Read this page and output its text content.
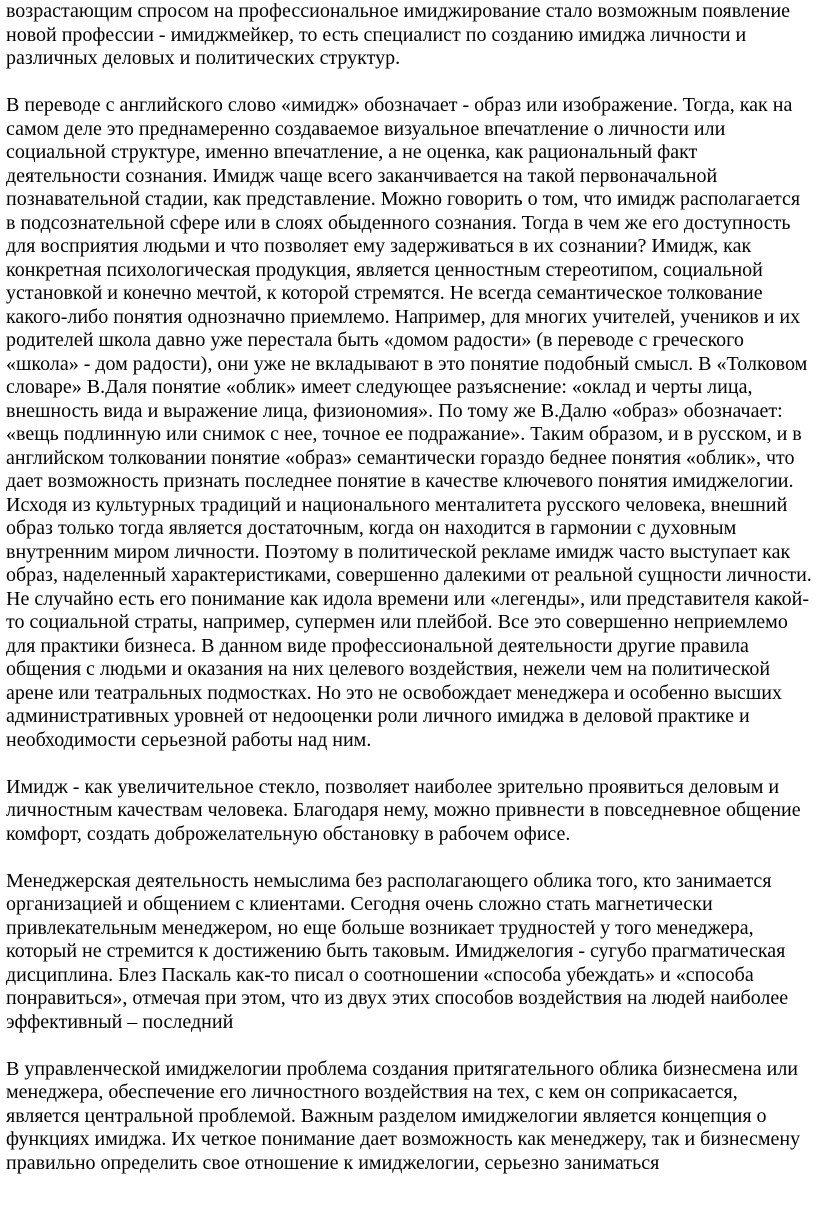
возрастающим спросом на профессиональное имиджирование стало возможным появление новой профессии - имиджмейкер, то есть специалист по созданию имиджа личности и различных деловых и политических структур.

В переводе с английского слово «имидж» обозначает - образ или изображение. Тогда, как на самом деле это преднамеренно создаваемое визуальное впечатление о личности или социальной структуре, именно впечатление, а не оценка, как рациональный факт деятельности сознания. Имидж чаще всего заканчивается на такой первоначальной познавательной стадии, как представление. Можно говорить о том, что имидж располагается в подсознательной сфере или в слоях обыденного сознания. Тогда в чем же его доступность для восприятия людьми и что позволяет ему задерживаться в их сознании? Имидж, как конкретная психологическая продукция, является ценностным стереотипом, социальной установкой и конечно мечтой, к которой стремятся. Не всегда семантическое толкование какого-либо понятия однозначно приемлемо. Например, для многих учителей, учеников и их родителей школа давно уже перестала быть «домом радости» (в переводе с греческого «школа» - дом радости), они уже не вкладывают в это понятие подобный смысл. В «Толковом словаре» В.Даля понятие «облик» имеет следующее разъяснение: «оклад и черты лица, внешность вида и выражение лица, физиономия». По тому же В.Далю «образ» обозначает: «вещь подлинную или снимок с нее, точное ее подражание». Таким образом, и в русском, и в английском толковании понятие «образ» семантически гораздо беднее понятия «облик», что дает возможность признать последнее понятие в качестве ключевого понятия имиджелогии. Исходя из культурных традиций и национального менталитета русского человека, внешний образ только тогда является достаточным, когда он находится в гармонии с духовным внутренним миром личности. Поэтому в политической рекламе имидж часто выступает как образ, наделенный характеристиками, совершенно далекими от реальной сущности личности. Не случайно есть его понимание как идола времени или «легенды», или представителя какой-то социальной страты, например, супермен или плейбой. Все это совершенно неприемлемо для практики бизнеса. В данном виде профессиональной деятельности другие правила общения с людьми и оказания на них целевого воздействия, нежели чем на политической арене или театральных подмостках. Но это не освобождает менеджера и особенно высших административных уровней от недооценки роли личного имиджа в деловой практике и необходимости серьезной работы над ним.

Имидж - как увеличительное стекло, позволяет наиболее зрительно проявиться деловым и личностным качествам человека. Благодаря нему, можно привнести в повседневное общение комфорт, создать доброжелательную обстановку в рабочем офисе.

Менеджерская деятельность немыслима без располагающего облика того, кто занимается организацией и общением с клиентами. Сегодня очень сложно стать магнетически привлекательным менеджером, но еще больше возникает трудностей у того менеджера, который не стремится к достижению быть таковым. Имиджелогия - сугубо прагматическая дисциплина. Блез Паскаль как-то писал о соотношении «способа убеждать» и «способа понравиться», отмечая при этом, что из двух этих способов воздействия на людей наиболее эффективный – последний

В управленческой имиджелогии проблема создания притягательного облика бизнесмена или менеджера, обеспечение его личностного воздействия на тех, с кем он соприкасается, является центральной проблемой. Важным разделом имиджелогии является концепция о функциях имиджа. Их четкое понимание дает возможность как менеджеру, так и бизнесмену правильно определить свое отношение к имиджелогии, серьезно заниматься
